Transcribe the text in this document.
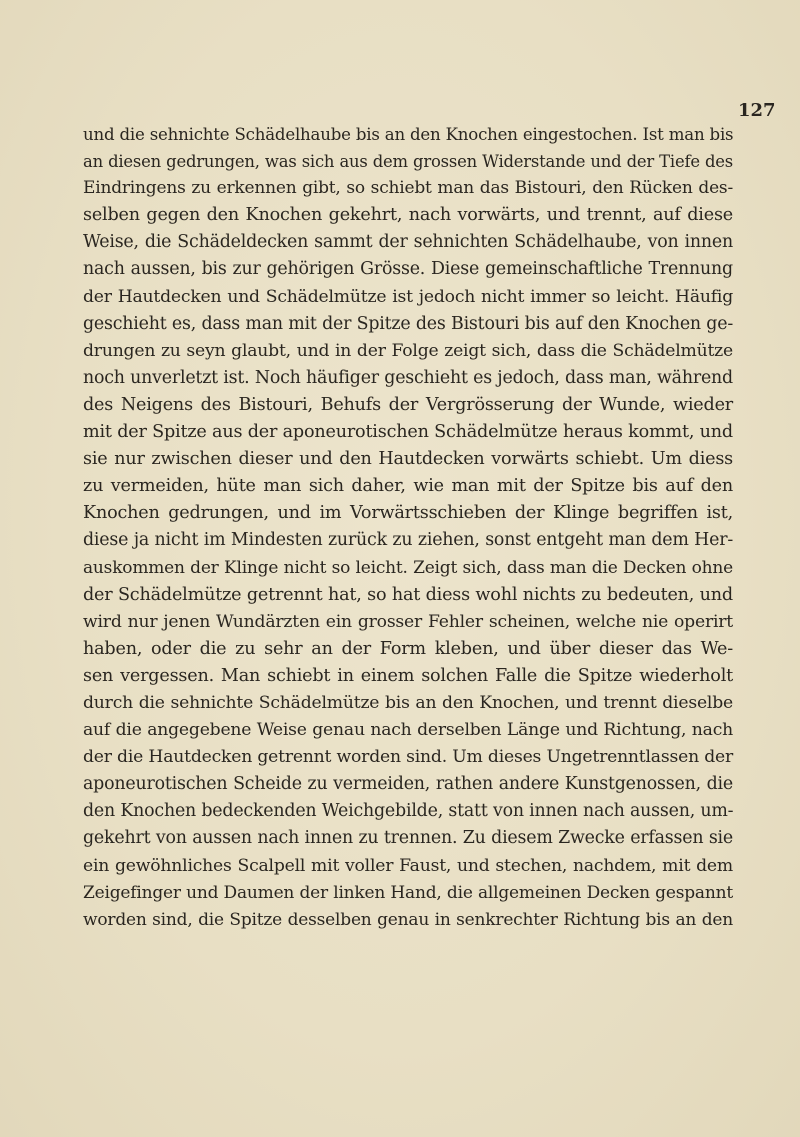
127
und die sehnichte Schädelhaube bis an den Knochen eingestochen. Ist man bis
an diesen gedrungen, was sich aus dem grossen Widerstande und der Tiefe des
Eindringens zu erkennen gibt, so schiebt man das Bistouri, den Rücken des-
selben gegen den Knochen gekehrt, nach vorwärts, und trennt, auf diese
Weise, die Schädeldecken sammt der sehnichten Schädelhaube, von innen
nach aussen, bis zur gehörigen Grösse. Diese gemeinschaftliche Trennung
der Hautdecken und Schädelmütze ist jedoch nicht immer so leicht. Häufig
geschieht es, dass man mit der Spitze des Bistouri bis auf den Knochen ge-
drungen zu seyn glaubt, und in der Folge zeigt sich, dass die Schädelmütze
noch unverletzt ist. Noch häufiger geschieht es jedoch, dass man, während
des Neigens des Bistouri, Behufs der Vergrösserung der Wunde, wieder
mit der Spitze aus der aponeurotischen Schädelmütze heraus kommt, und
sie nur zwischen dieser und den Hautdecken vorwärts schiebt. Um diess
zu vermeiden, hüte man sich daher, wie man mit der Spitze bis auf den
Knochen gedrungen, und im Vorwärtsschieben der Klinge begriffen ist,
diese ja nicht im Mindesten zurück zu ziehen, sonst entgeht man dem Her-
auskommen der Klinge nicht so leicht. Zeigt sich, dass man die Decken ohne
der Schädelmütze getrennt hat, so hat diess wohl nichts zu bedeuten, und
wird nur jenen Wundärzten ein grosser Fehler scheinen, welche nie operirt
haben, oder die zu sehr an der Form kleben, und über dieser das We-
sen vergessen. Man schiebt in einem solchen Falle die Spitze wiederholt
durch die sehnichte Schädelmütze bis an den Knochen, und trennt dieselbe
auf die angegebene Weise genau nach derselben Länge und Richtung, nach
der die Hautdecken getrennt worden sind. Um dieses Ungetrenntlassen der
aponeurotischen Scheide zu vermeiden, rathen andere Kunstgenossen, die
den Knochen bedeckenden Weichgebilde, statt von innen nach aussen, um-
gekehrt von aussen nach innen zu trennen. Zu diesem Zwecke erfassen sie
ein gewöhnliches Scalpell mit voller Faust, und stechen, nachdem, mit dem
Zeigefinger und Daumen der linken Hand, die allgemeinen Decken gespannt
worden sind, die Spitze desselben genau in senkrechter Richtung bis an den
